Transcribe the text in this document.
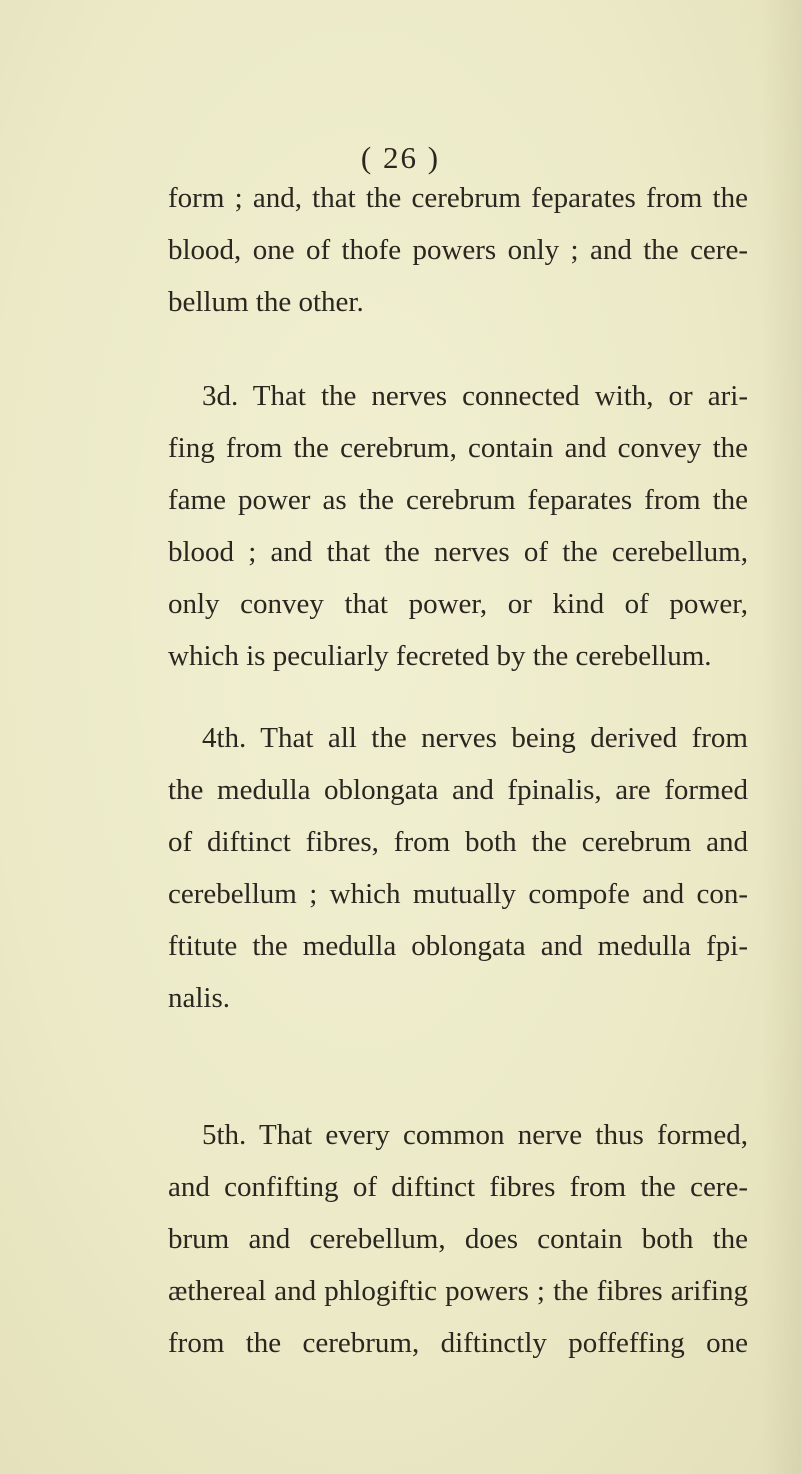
( 26 )
form ; and, that the cerebrum feparates from the
blood, one of thofe powers only ; and the cere-
bellum the other.
3d. That the nerves connected with, or ari-
fing from the cerebrum, contain and convey the
fame power as the cerebrum feparates from the
blood ; and that the nerves of the cerebellum,
only convey that power, or kind of power,
which is peculiarly fecreted by the cerebellum.
4th. That all the nerves being derived from
the medulla oblongata and fpinalis, are formed
of diftinct fibres, from both the cerebrum and
cerebellum ; which mutually compofe and con-
ftitute the medulla oblongata and medulla fpi-
nalis.
5th. That every common nerve thus formed,
and confifting of diftinct fibres from the cere-
brum and cerebellum, does contain both the
æthereal and phlogiftic powers ; the fibres arifing
from the cerebrum, diftinctly poffeffing one
